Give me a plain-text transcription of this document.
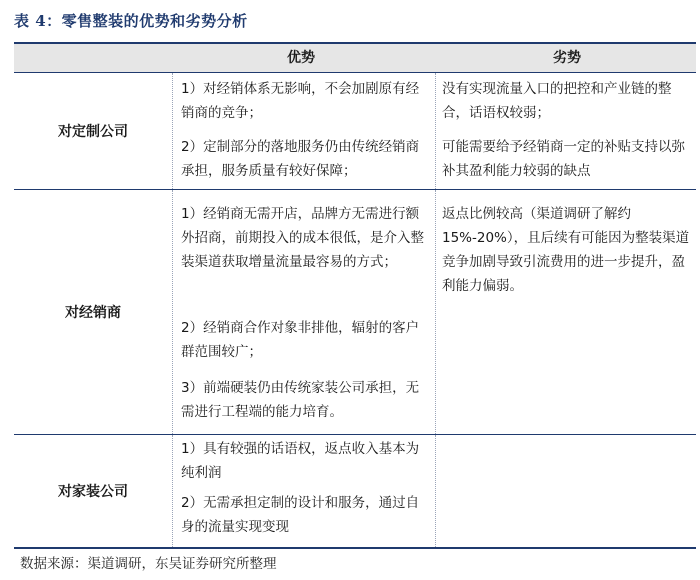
表 4：零售整装的优势和劣势分析
优势	劣势
对定制公司
1）对经销体系无影响，不会加剧原有经销商的竞争；
2）定制部分的落地服务仍由传统经销商承担，服务质量有较好保障；
没有实现流量入口的把控和产业链的整合，话语权较弱；
可能需要给予经销商一定的补贴支持以弥补其盈利能力较弱的缺点
对经销商
1）经销商无需开店，品牌方无需进行额外招商，前期投入的成本很低，是介入整装渠道获取增量流量最容易的方式；
2）经销商合作对象非排他，辐射的客户群范围较广；
3）前端硬装仍由传统家装公司承担，无需进行工程端的能力培育。
返点比例较高（渠道调研了解约15%-20%），且后续有可能因为整装渠道竞争加剧导致引流费用的进一步提升，盈利能力偏弱。
对家装公司
1）具有较强的话语权，返点收入基本为纯利润
2）无需承担定制的设计和服务，通过自身的流量实现变现
数据来源：渠道调研，东吴证券研究所整理
